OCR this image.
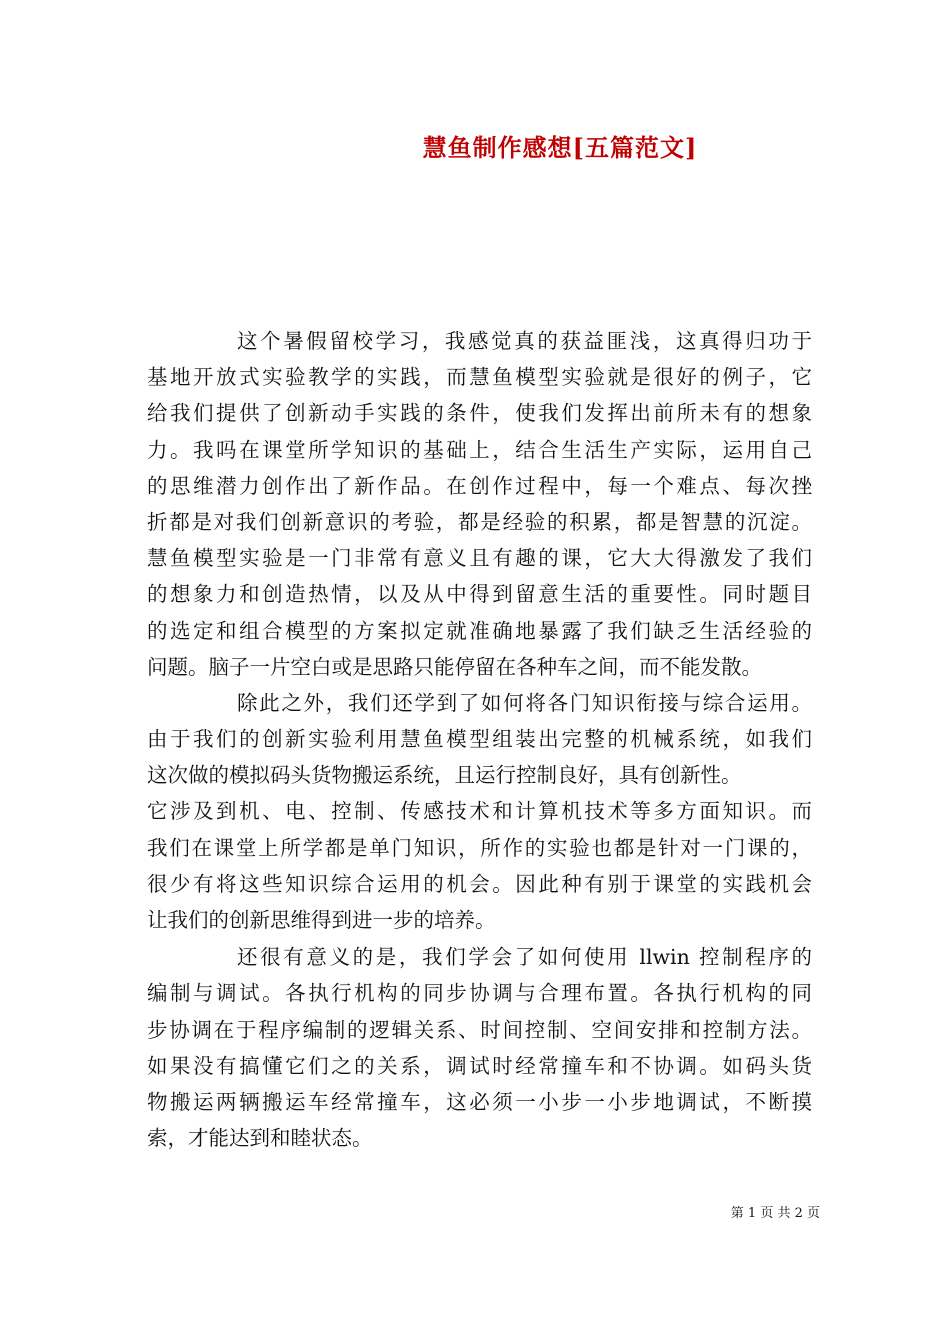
慧鱼制作感想[五篇范文]
这个暑假留校学习，我感觉真的获益匪浅，这真得归功于
基地开放式实验教学的实践，而慧鱼模型实验就是很好的例子，它
给我们提供了创新动手实践的条件，使我们发挥出前所未有的想象
力。我吗在课堂所学知识的基础上，结合生活生产实际，运用自己
的思维潜力创作出了新作品。在创作过程中，每一个难点、每次挫
折都是对我们创新意识的考验，都是经验的积累，都是智慧的沉淀。
慧鱼模型实验是一门非常有意义且有趣的课，它大大得激发了我们
的想象力和创造热情，以及从中得到留意生活的重要性。同时题目
的选定和组合模型的方案拟定就准确地暴露了我们缺乏生活经验的
问题。脑子一片空白或是思路只能停留在各种车之间，而不能发散。
除此之外，我们还学到了如何将各门知识衔接与综合运用。
由于我们的创新实验利用慧鱼模型组装出完整的机械系统，如我们
这次做的模拟码头货物搬运系统，且运行控制良好，具有创新性。
它涉及到机、电、控制、传感技术和计算机技术等多方面知识。而
我们在课堂上所学都是单门知识，所作的实验也都是针对一门课的，
很少有将这些知识综合运用的机会。因此种有别于课堂的实践机会
让我们的创新思维得到进一步的培养。
还很有意义的是，我们学会了如何使用 llwin 控制程序的
编制与调试。各执行机构的同步协调与合理布置。各执行机构的同
步协调在于程序编制的逻辑关系、时间控制、空间安排和控制方法。
如果没有搞懂它们之的关系，调试时经常撞车和不协调。如码头货
物搬运两辆搬运车经常撞车，这必须一小步一小步地调试，不断摸
索，才能达到和睦状态。
第 1 页 共 2 页
